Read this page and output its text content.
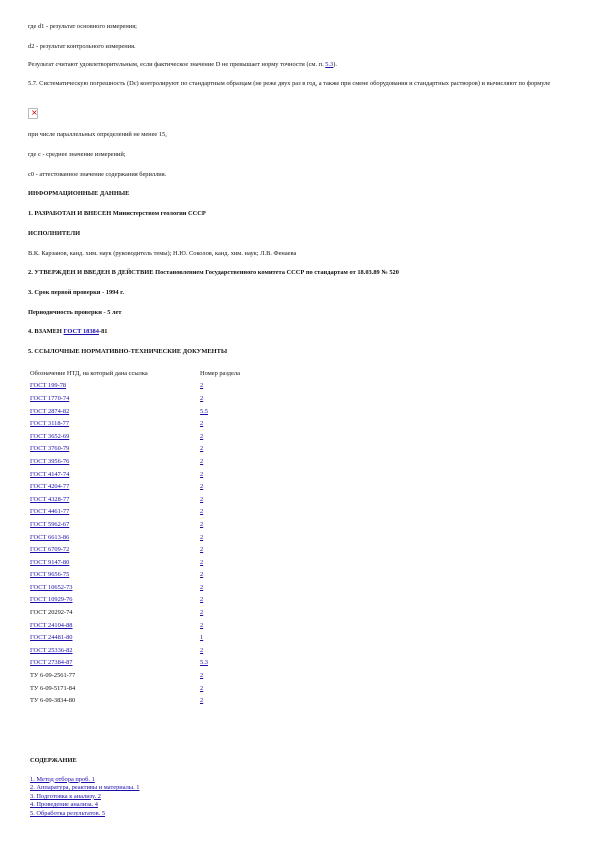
где d1 - результат основного измерения;
d2 - результат контрольного измерения.
Результат считают удовлетворительным, если фактическое значение D не превышает норму точности (см. п. 5.3).
5.7. Систематическую погрешность (Dc) контролируют по стандартным образцам (не реже двух раз в год, а также при смене оборудования и стандартных растворов) и вычисляют по формуле
×
при числе параллельных определений не менее 15,
где c - среднее значение измерений;
c0 - аттестованное значение содержания бериллия.
ИНФОРМАЦИОННЫЕ ДАННЫЕ
1. РАЗРАБОТАН И ВНЕСЕН Министерством геологии СССР
ИСПОЛНИТЕЛИ
В.К. Карзанов, канд. хим. наук (руководитель темы); Н.Ю. Соколов, канд. хим. наук; Л.В. Фенаева
2. УТВЕРЖДЕН И ВВЕДЕН В ДЕЙСТВИЕ Постановлением Государственного комитета СССР по стандартам от 18.03.89 № 520
3. Срок первой проверки - 1994 г.
Периодичность проверки - 5 лет
4. ВЗАМЕН ГОСТ 18384-81
5. ССЫЛОЧНЫЕ НОРМАТИВНО-ТЕХНИЧЕСКИЕ ДОКУМЕНТЫ
Обозначение НТД, на который дана ссылка	Номер раздела
ГОСТ 199-78	2
ГОСТ 1770-74	2
ГОСТ 2874-82	5.5
ГОСТ 3118-77	2
ГОСТ 3652-69	2
ГОСТ 3760-79	2
ГОСТ 3956-76	2
ГОСТ 4147-74	2
ГОСТ 4204-77	2
ГОСТ 4328-77	2
ГОСТ 4461-77	2
ГОСТ 5962-67	2
ГОСТ 6613-86	2
ГОСТ 6709-72	2
ГОСТ 9147-80	2
ГОСТ 9656-75	2
ГОСТ 10652-73	2
ГОСТ 10929-76	2
ГОСТ 20292-74	2
ГОСТ 24104-88	2
ГОСТ 24481-80	1
ГОСТ 25336-82	2
ГОСТ 27384-87	5.3
ТУ 6-09-2561-77	2
ТУ 6-09-5171-84	2
ТУ 6-09-3834-80	2
СОДЕРЖАНИЕ
1. Метод отбора проб. 1
2. Аппаратура, реактивы и материалы. 1
3. Подготовка к анализу. 2
4. Проведение анализа. 4
5. Обработка результатов. 5
